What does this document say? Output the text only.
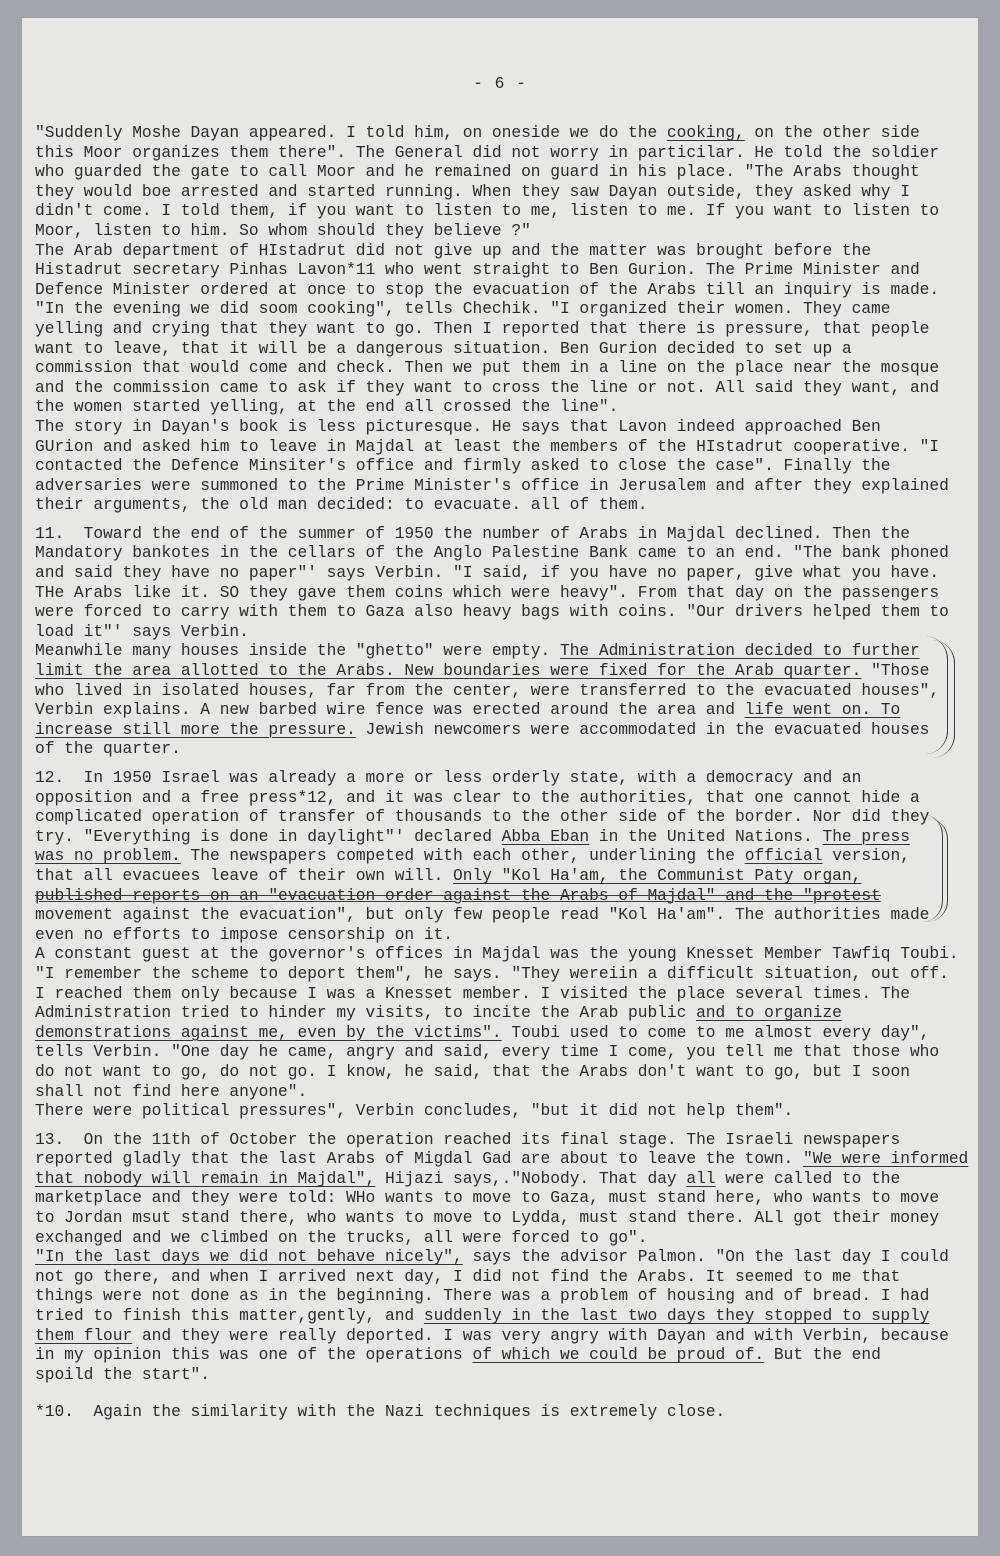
- 6 -
"Suddenly Moshe Dayan appeared. I told him, on oneside we do the cooking, on the other side
this Moor organizes them there". The General did not worry in particilar. He told the soldier
who guarded the gate to call Moor and he remained on guard in his place. "The Arabs thought
they would boe arrested and started running. When they saw Dayan outside, they asked why I
didn't come. I told them, if you want to listen to me, listen to me. If you want to listen to
Moor, listen to him. So whom should they believe ?"
The Arab department of HIstadrut did not give up and the matter was brought before the
Histadrut secretary Pinhas Lavon*11 who went straight to Ben Gurion. The Prime Minister and
Defence Minister ordered at once to stop the evacuation of the Arabs till an inquiry is made.
"In the evening we did soom cooking", tells Chechik. "I organized their women. They came
yelling and crying that they want to go. Then I reported that there is pressure, that people
want to leave, that it will be a dangerous situation. Ben Gurion decided to set up a
commission that would come and check. Then we put them in a line on the place near the mosque
and the commission came to ask if they want to cross the line or not. All said they want, and
the women started yelling, at the end all crossed the line".
The story in Dayan's book is less picturesque. He says that Lavon indeed approached Ben
GUrion and asked him to leave in Majdal at least the members of the HIstadrut cooperative. "I
contacted the Defence Minsiter's office and firmly asked to close the case". Finally the
adversaries were summoned to the Prime Minister's office in Jerusalem and after they explained
their arguments, the old man decided: to evacuate. all of them.
11.  Toward the end of the summer of 1950 the number of Arabs in Majdal declined. Then the
Mandatory bankotes in the cellars of the Anglo Palestine Bank came to an end. "The bank phoned
and said they have no paper"' says Verbin. "I said, if you have no paper, give what you have.
THe Arabs like it. SO they gave them coins which were heavy". From that day on the passengers
were forced to carry with them to Gaza also heavy bags with coins. "Our drivers helped them to
load it"' says Verbin.
Meanwhile many houses inside the "ghetto" were empty. The Administration decided to further
limit the area allotted to the Arabs. New boundaries were fixed for the Arab quarter. "Those
who lived in isolated houses, far from the center, were transferred to the evacuated houses",
Verbin explains. A new barbed wire fence was erected around the area and life went on. To
increase still more the pressure. Jewish newcomers were accommodated in the evacuated houses
of the quarter.
12.  In 1950 Israel was already a more or less orderly state, with a democracy and an
opposition and a free press*12, and it was clear to the authorities, that one cannot hide a
complicated operation of transfer of thousands to the other side of the border. Nor did they
try. "Everything is done in daylight"' declared Abba Eban in the United Nations. The press
was no problem. The newspapers competed with each other, underlining the official version,
that all evacuees leave of their own will. Only "Kol Ha'am, the Communist Paty organ,
published reports on an "evacuation order against the Arabs of Majdal" and the "protest
movement against the evacuation", but only few people read "Kol Ha'am". The authorities made
even no efforts to impose censorship on it.
A constant guest at the governor's offices in Majdal was the young Knesset Member Tawfiq Toubi.
"I remember the scheme to deport them", he says. "They wereiin a difficult situation, out off.
I reached them only because I was a Knesset member. I visited the place several times. The
Administration tried to hinder my visits, to incite the Arab public and to organize
demonstrations against me, even by the victims". Toubi used to come to me almost every day",
tells Verbin. "One day he came, angry and said, every time I come, you tell me that those who
do not want to go, do not go. I know, he said, that the Arabs don't want to go, but I soon
shall not find here anyone".
There were political pressures", Verbin concludes, "but it did not help them".
13.  On the 11th of October the operation reached its final stage. The Israeli newspapers
reported gladly that the last Arabs of Migdal Gad are about to leave the town. "We were informed
that nobody will remain in Majdal", Hijazi says,."Nobody. That day all were called to the
marketplace and they were told: WHo wants to move to Gaza, must stand here, who wants to move
to Jordan msut stand there, who wants to move to Lydda, must stand there. ALl got their money
exchanged and we climbed on the trucks, all were forced to go".
"In the last days we did not behave nicely", says the advisor Palmon. "On the last day I could
not go there, and when I arrived next day, I did not find the Arabs. It seemed to me that
things were not done as in the beginning. There was a problem of housing and of bread. I had
tried to finish this matter,gently, and suddenly in the last two days they stopped to supply
them flour and they were really deported. I was very angry with Dayan and with Verbin, because
in my opinion this was one of the operations of which we could be proud of. But the end
spoild the start".
*10.  Again the similarity with the Nazi techniques is extremely close.
